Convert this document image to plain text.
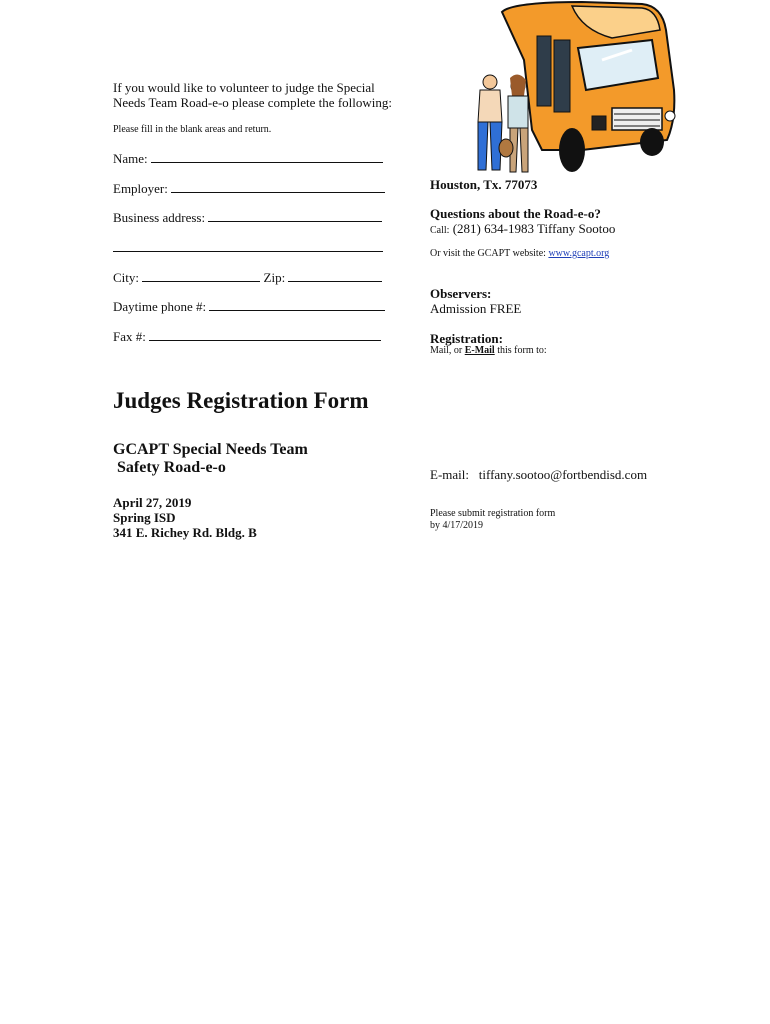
If you would like to volunteer to judge the Special
Needs Team Road-e-o please complete the following:
Please fill in the blank areas and return.
Name:
Employer:
Business address:
City:	Zip:
Daytime phone #:
Fax #:
Judges Registration Form
GCAPT Special Needs Team
Safety Road-e-o
April 27, 2019
Spring ISD
341 E. Richey Rd. Bldg. B
Houston, Tx. 77073
Questions about the Road-e-o?
Call: (281) 634-1983 Tiffany Sootoo
Or visit the GCAPT website: www.gcapt.org
Observers:
Admission FREE
Registration:
Mail, or E-Mail this form to:
E-mail: tiffany.sootoo@fortbendisd.com
Please submit registration form
by 4/17/2019
